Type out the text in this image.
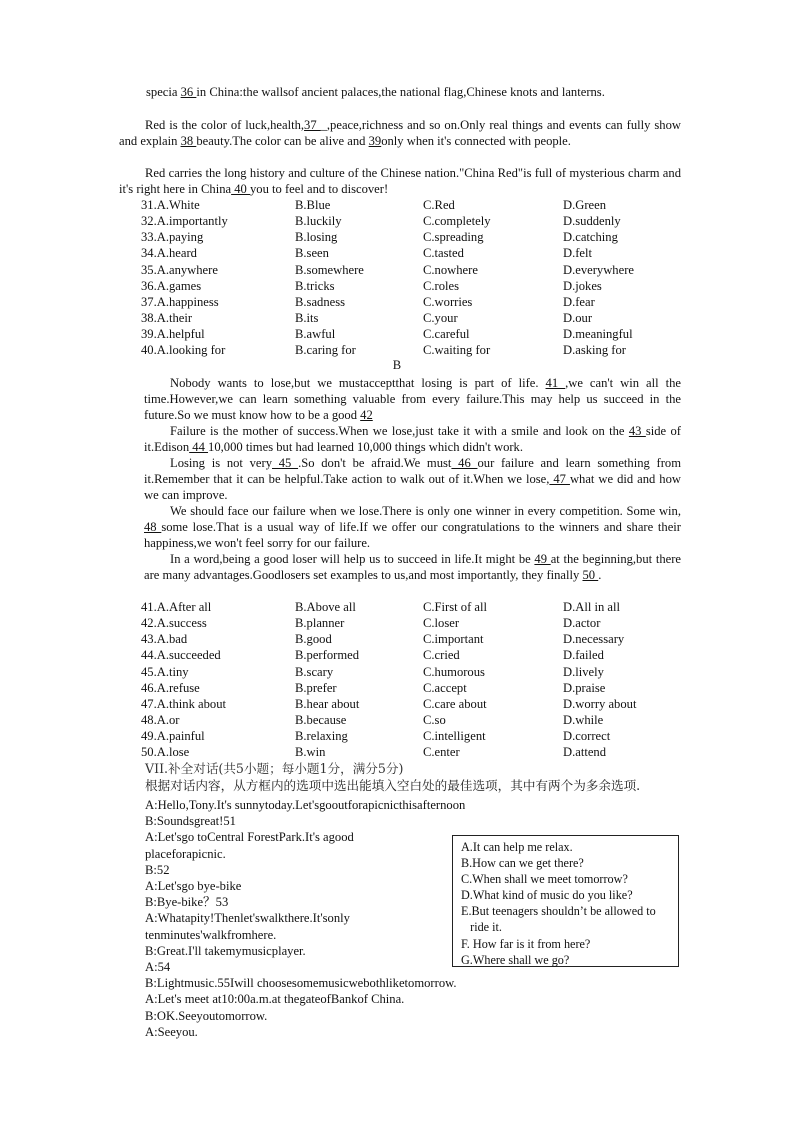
specia 36 in China:the wallsof ancient palaces,the national flag,Chinese knots and lanterns.

Red is the color of luck,health,37 _,peace,richness and so on.Only real things and events can fully show and explain 38 beauty.The color can be alive and 39only when it's connected with people.

Red carries the long history and culture of the Chinese nation."China Red"is full of mysterious charm and it's right here in China 40 you to feel and to discover!

31.A.White	B.Blue	C.Red	D.Green
32.A.importantly	B.luckily	C.completely	D.suddenly
33.A.paying	B.losing	C.spreading	D.catching
34.A.heard	B.seen	C.tasted	D.felt
35.A.anywhere	B.somewhere	C.nowhere	D.everywhere
36.A.games	B.tricks	C.roles	D.jokes
37.A.happiness	B.sadness	C.worries	D.fear
38.A.their	B.its	C.your	D.our
39.A.helpful	B.awful	C.careful	D.meaningful
40.A.looking for	B.caring for	C.waiting for	D.asking for
B

Nobody wants to lose,but we mustacceptthat losing is part of life. 41 ,we can't win all the time.However,we can learn something valuable from every failure.This may help us succeed in the future.So we must know how to be a good 42

Failure is the mother of success.When we lose,just take it with a smile and look on the 43 side of it.Edison 44 10,000 times but had learned 10,000 things which didn't work.

Losing is not very 45 .So don't be afraid.We must 46 our failure and learn something from it.Remember that it can be helpful.Take action to walk out of it.When we lose, 47 what we did and how we can improve.

We should face our failure when we lose.There is only one winner in every competition. Some win, 48 some lose.That is a usual way of life.If we offer our congratulations to the winners and share their happiness,we won't feel sorry for our failure.

In a word,being a good loser will help us to succeed in life.It might be 49 at the beginning,but there are many advantages.Goodlosers set examples to us,and most importantly, they finally 50 .

41.A.After all	B.Above all	C.First of all	D.All in all
42.A.success	B.planner	C.loser	D.actor
43.A.bad	B.good	C.important	D.necessary
44.A.succeeded	B.performed	C.cried	D.failed
45.A.tiny	B.scary	C.humorous	D.lively
46.A.refuse	B.prefer	C.accept	D.praise
47.A.think about	B.hear about	C.care about	D.worry about
48.A.or	B.because	C.so	D.while
49.A.painful	B.relaxing	C.intelligent	D.correct
50.A.lose	B.win	C.enter	D.attend
VII.补全对话(共5小题；每小题1分，满分5分)
根据对话内容，从方框内的选项中选出能填入空白处的最佳选项，其中有两个为多余选项.

A:Hello,Tony.It's sunnytoday.Let'sgooutforapicnicthisafternoon

B:Soundsgreat!51

A:Let'sgo toCentral ForestPark.It's agood

placeforapicnic.

B:52

A:Let'sgo bye-bike

B:Bye-bike？53

A:Whatapity!Thenlet'swalkthere.It'sonly

tenminutes'walkfromhere.

B:Great.I'll takemymusicplayer.

A:54

B:Lightmusic.55Iwill choosesomemusicwebothliketomorrow.

A:Let's meet at10:00a.m.at thegateofBankof China.

B:OK.Seeyoutomorrow.

A:Seeyou.

A.It can help me relax.

B.How can we get there?

C.When shall we meet tomorrow?

D.What kind of music do you like?

E.But teenagers shouldn’t be allowed to

ride it.

F. How far is it from here?

G.Where shall we go?
